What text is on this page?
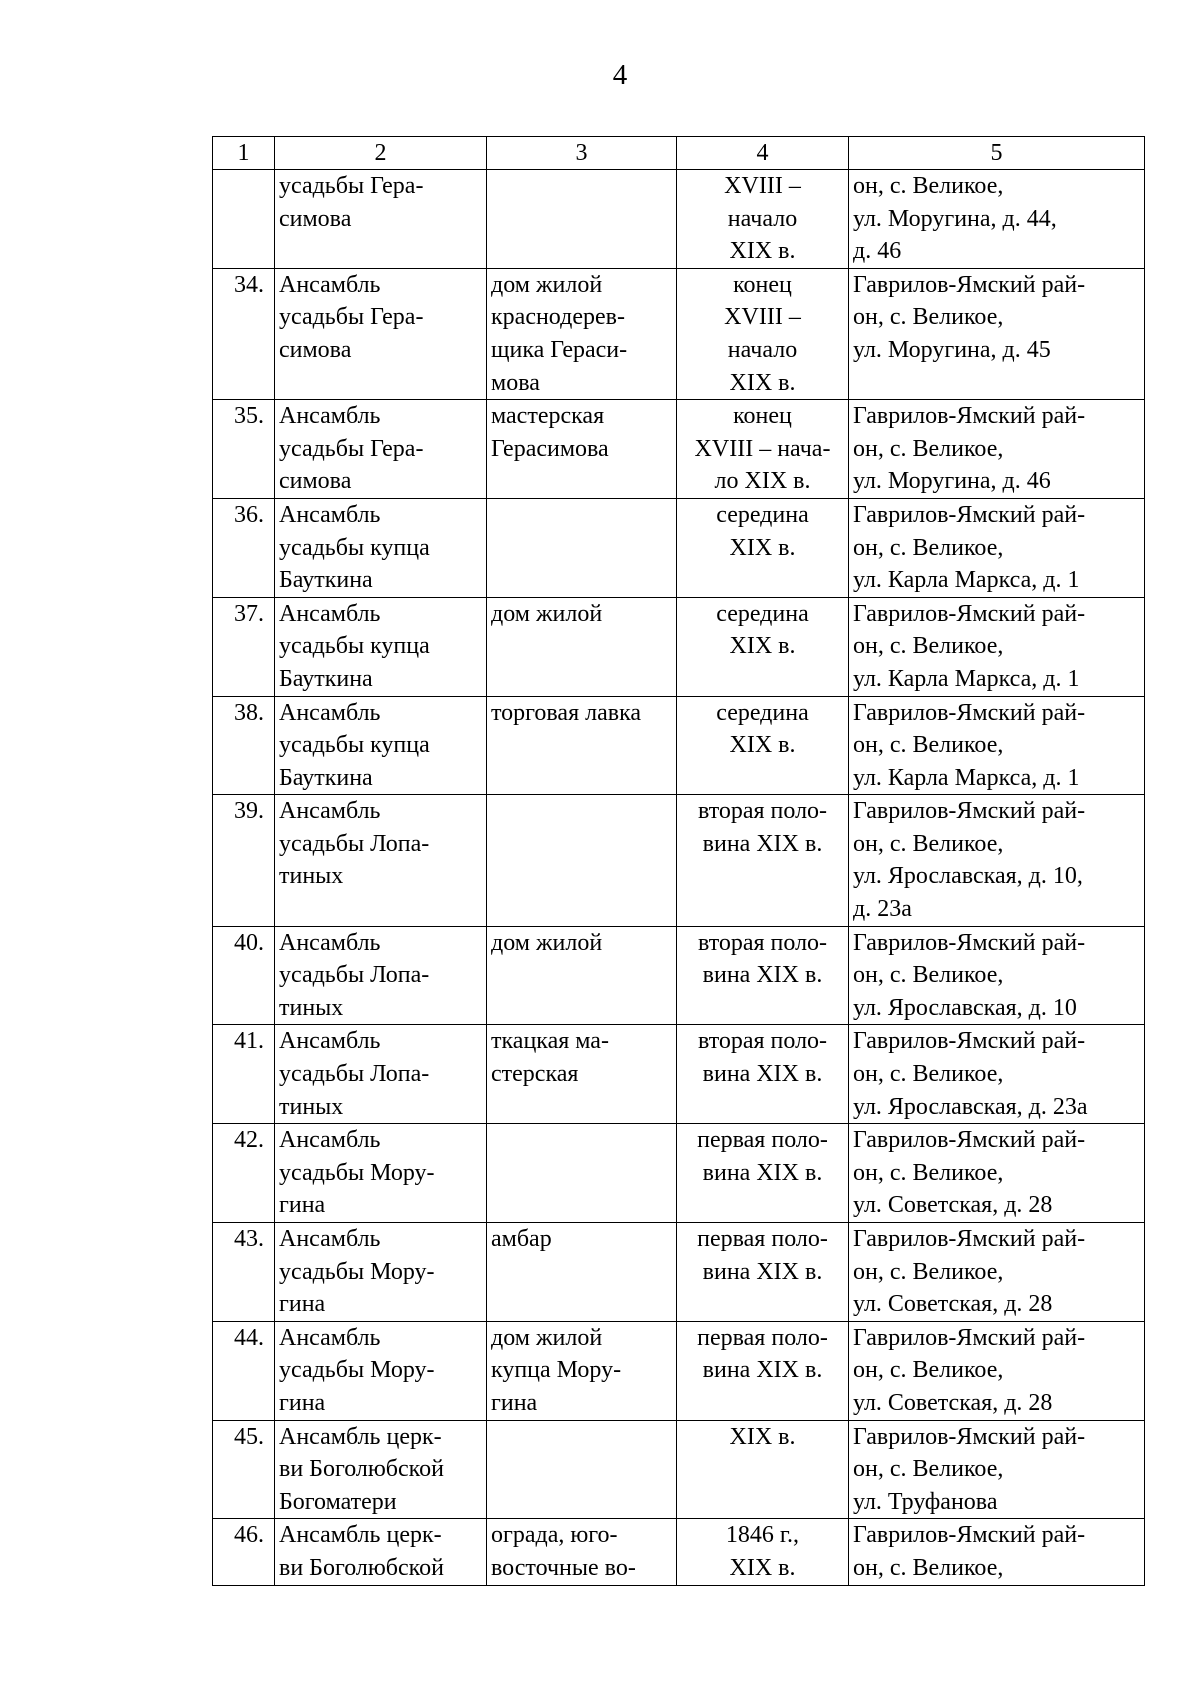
4
1	2	3	4	5
	усадьбы Гера-
симова		XVIII –
начало
XIX в.	он, с. Великое,
ул. Моругина, д. 44,
д. 46
34.	Ансамбль
усадьбы Гера-
симова	дом жилой
краснодерев-
щика Гераси-
мова	конец
XVIII –
начало
XIX в.	Гаврилов-Ямский рай-
он, с. Великое,
ул. Моругина, д. 45
35.	Ансамбль
усадьбы Гера-
симова	мастерская
Герасимова	конец
XVIII – нача-
ло XIX в.	Гаврилов-Ямский рай-
он, с. Великое,
ул. Моругина, д. 46
36.	Ансамбль
усадьбы купца
Бауткина		середина
XIX в.	Гаврилов-Ямский рай-
он, с. Великое,
ул. Карла Маркса, д. 1
37.	Ансамбль
усадьбы купца
Бауткина	дом жилой	середина
XIX в.	Гаврилов-Ямский рай-
он, с. Великое,
ул. Карла Маркса, д. 1
38.	Ансамбль
усадьбы купца
Бауткина	торговая лавка	середина
XIX в.	Гаврилов-Ямский рай-
он, с. Великое,
ул. Карла Маркса, д. 1
39.	Ансамбль
усадьбы Лопа-
тиных		вторая поло-
вина XIX в.	Гаврилов-Ямский рай-
он, с. Великое,
ул. Ярославская, д. 10,
д. 23а
40.	Ансамбль
усадьбы Лопа-
тиных	дом жилой	вторая поло-
вина XIX в.	Гаврилов-Ямский рай-
он, с. Великое,
ул. Ярославская, д. 10
41.	Ансамбль
усадьбы Лопа-
тиных	ткацкая ма-
стерская	вторая поло-
вина XIX в.	Гаврилов-Ямский рай-
он, с. Великое,
ул. Ярославская, д. 23а
42.	Ансамбль
усадьбы Мору-
гина		первая поло-
вина XIX в.	Гаврилов-Ямский рай-
он, с. Великое,
ул. Советская, д. 28
43.	Ансамбль
усадьбы Мору-
гина	амбар	первая поло-
вина XIX в.	Гаврилов-Ямский рай-
он, с. Великое,
ул. Советская, д. 28
44.	Ансамбль
усадьбы Мору-
гина	дом жилой
купца Мору-
гина	первая поло-
вина XIX в.	Гаврилов-Ямский рай-
он, с. Великое,
ул. Советская, д. 28
45.	Ансамбль церк-
ви Боголюбской
Богоматери		XIX в.	Гаврилов-Ямский рай-
он, с. Великое,
ул. Труфанова
46.	Ансамбль церк-
ви Боголюбской	ограда, юго-
восточные во-	1846 г.,
XIX в.	Гаврилов-Ямский рай-
он, с. Великое,
